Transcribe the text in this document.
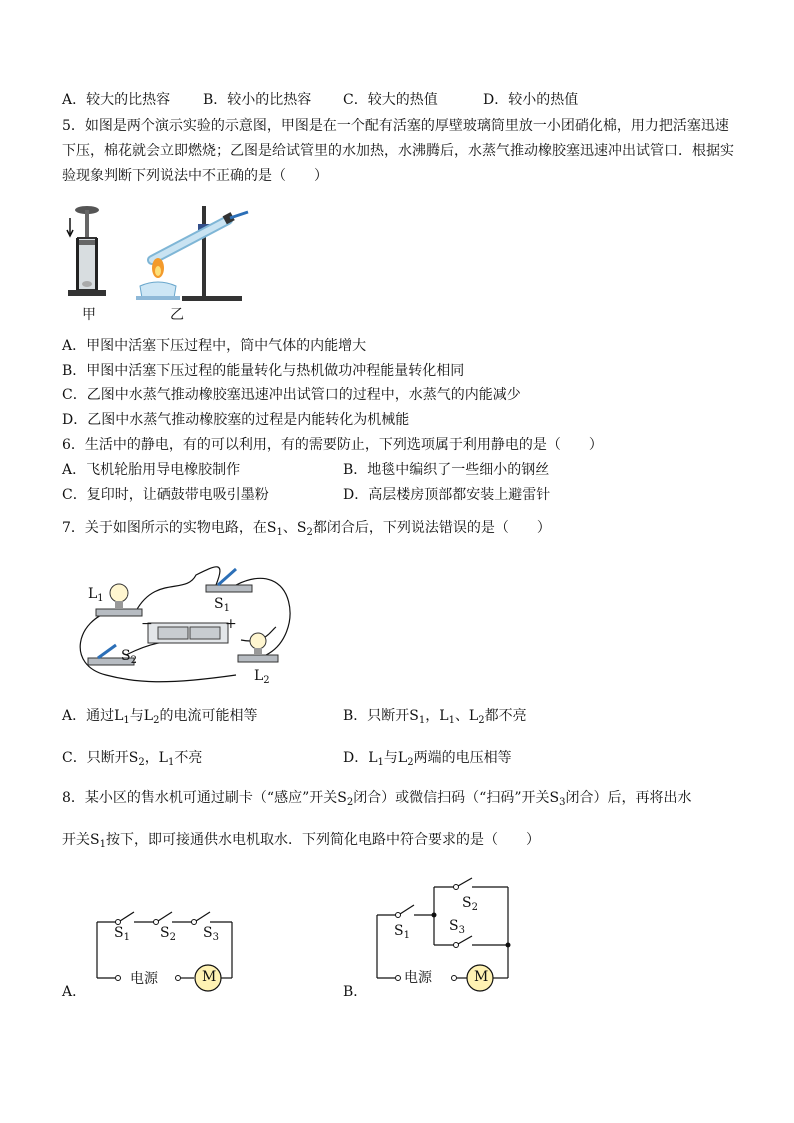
A．较大的比热容 B．较小的比热容 C．较大的热值	D．较小的热值
5．如图是两个演示实验的示意图，甲图是在一个配有活塞的厚壁玻璃筒里放一小团硝化棉，用力把活塞迅速
下压，棉花就会立即燃烧；乙图是给试管里的水加热，水沸腾后，水蒸气推动橡胶塞迅速冲出试管口．根据实
验现象判断下列说法中不正确的是（　　）
甲	乙
A．甲图中活塞下压过程中，筒中气体的内能增大
B．甲图中活塞下压过程的能量转化与热机做功冲程能量转化相同
C．乙图中水蒸气推动橡胶塞迅速冲出试管口的过程中，水蒸气的内能减少
D．乙图中水蒸气推动橡胶塞的过程是内能转化为机械能
6．生活中的静电，有的可以利用，有的需要防止，下列选项属于利用静电的是（　　）
A．飞机轮胎用导电橡胶制作	B．地毯中编织了一些细小的钢丝
C．复印时，让硒鼓带电吸引墨粉	D．高层楼房顶部都安装上避雷针
7．关于如图所示的实物电路，在$S_1$、$S_2$都闭合后，下列说法错误的是（　　）
$L_1$	$S_1$
−	+
$S_2$
$L_2$
A．通过$L_1$与$L_2$的电流可能相等	B．只断开$S_1$，$L_1$、$L_2$都不亮
C．只断开$S_2$，$L_1$不亮	D．$L_1$与$L_2$两端的电压相等
8．某小区的售水机可通过刷卡（“感应”开关$S_2$闭合）或微信扫码（“扫码”开关$S_3$闭合）后，再将出水
开关$S_1$按下，即可接通供水电机取水．下列简化电路中符合要求的是（　　）
$S_1$ $S_2$ $S_3$
电源	M
A．
$S_2$
$S_1$
$S_3$
电源	M
B．
